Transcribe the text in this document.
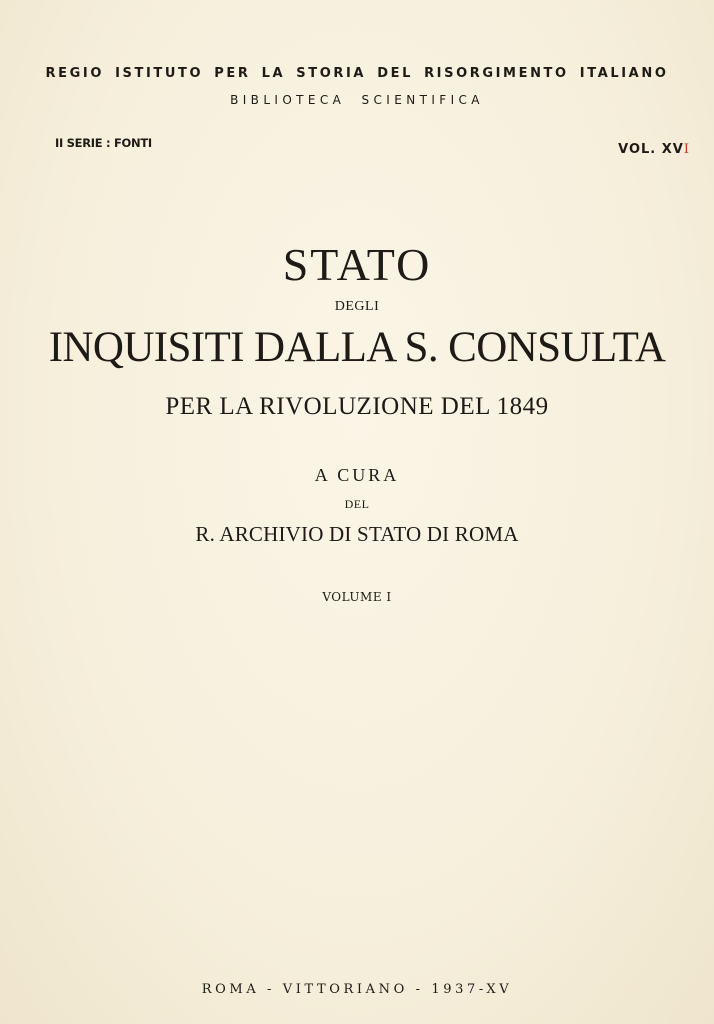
REGIO ISTITUTO PER LA STORIA DEL RISORGIMENTO ITALIANO
BIBLIOTECA SCIENTIFICA
II SERIE : FONTI	VOL. XVI
STATO
DEGLI
INQUISITI DALLA S. CONSULTA
PER LA RIVOLUZIONE DEL 1849
A CURA
DEL
R. ARCHIVIO DI STATO DI ROMA
VOLUME I
ROMA - VITTORIANO - 1937-XV
